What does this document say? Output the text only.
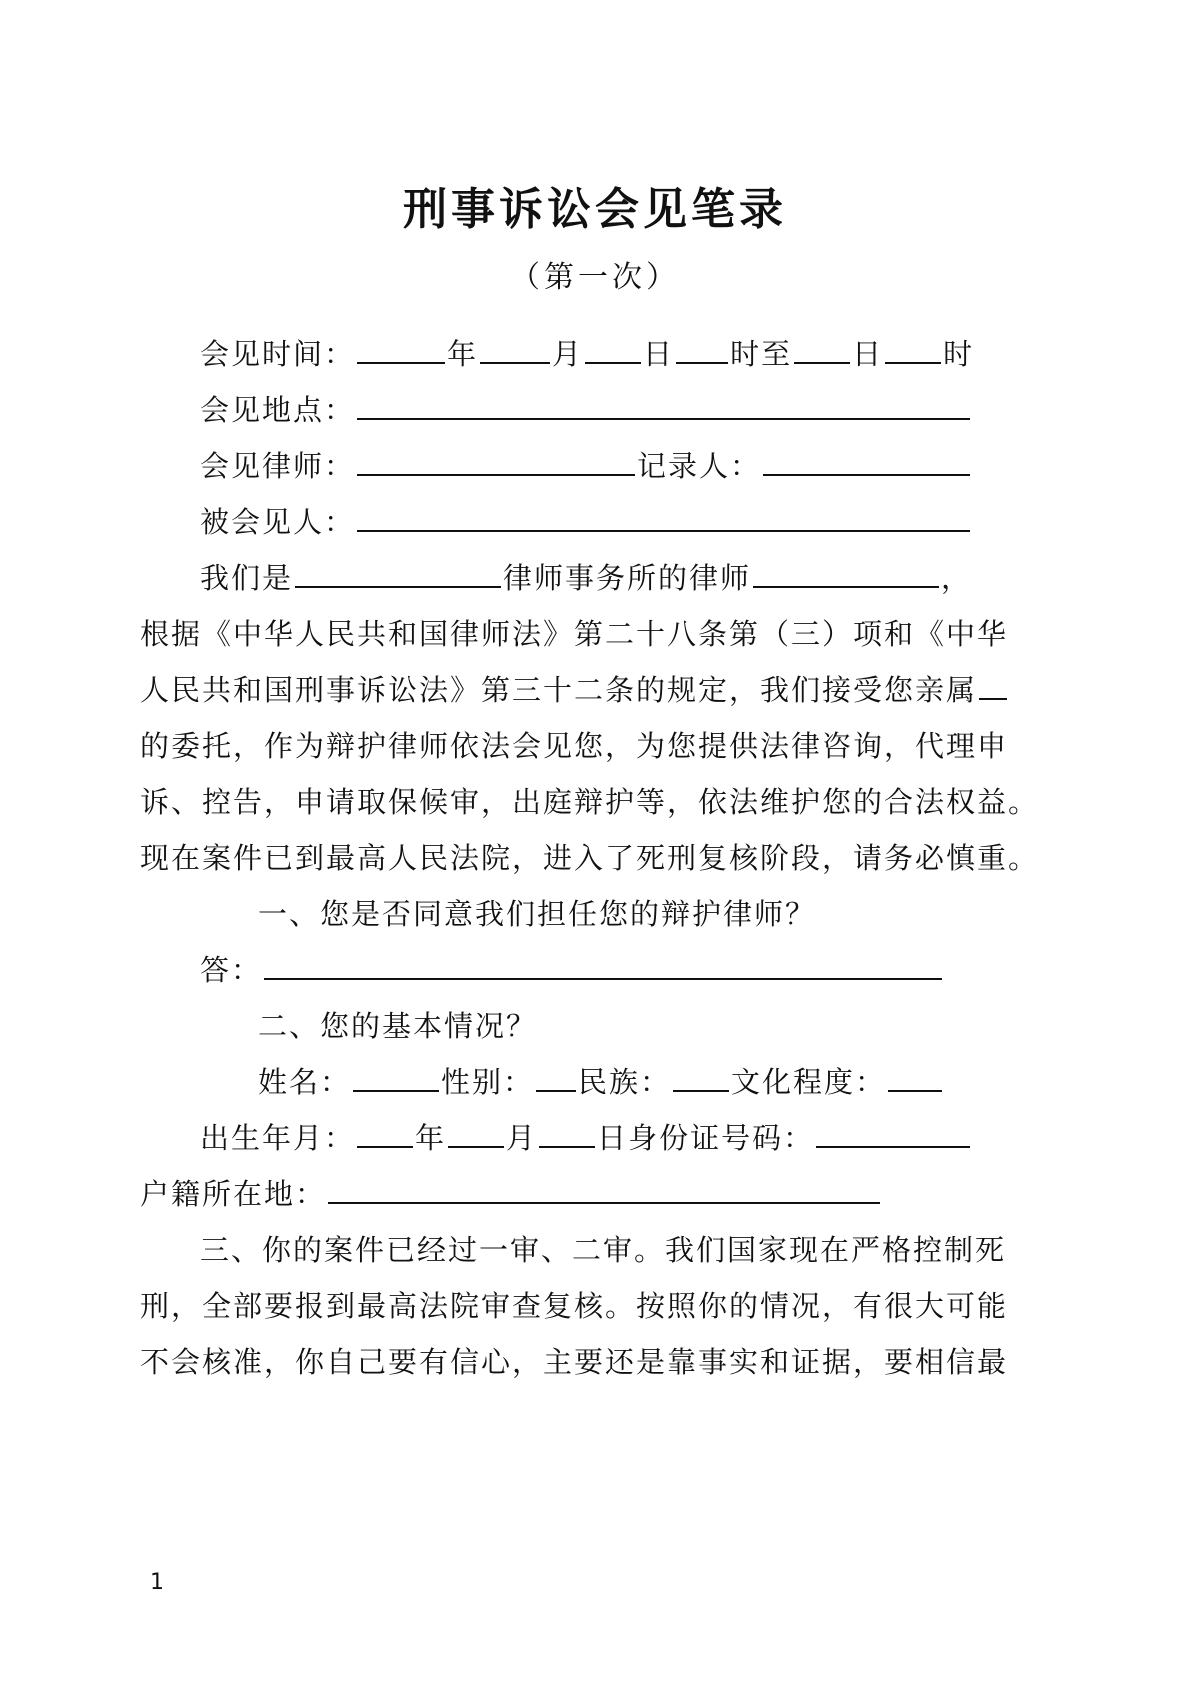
刑事诉讼会见笔录
（第一次）
会见时间：	年	月 日 时至 日 时
会见地点：
会见律师：	记录人：
被会见人：
我们是	律师事务所的律师	，
根据《中华人民共和国律师法》第二十八条第（三）项和《中华
人民共和国刑事诉讼法》第三十二条的规定，我们接受您亲属
的委托，作为辩护律师依法会见您，为您提供法律咨询，代理申
诉、控告，申请取保候审，出庭辩护等，依法维护您的合法权益。
现在案件已到最高人民法院，进入了死刑复核阶段，请务必慎重。
一、您是否同意我们担任您的辩护律师？
答：
二、您的基本情况？
姓名：	性别： 民族： 文化程度：
出生年月： 年 月 日 身份证号码：
户籍所在地：
三、你的案件已经过一审、二审。我们国家现在严格控制死
刑，全部要报到最高法院审查复核。按照你的情况，有很大可能
不会核准，你自己要有信心，主要还是靠事实和证据，要相信最
1
